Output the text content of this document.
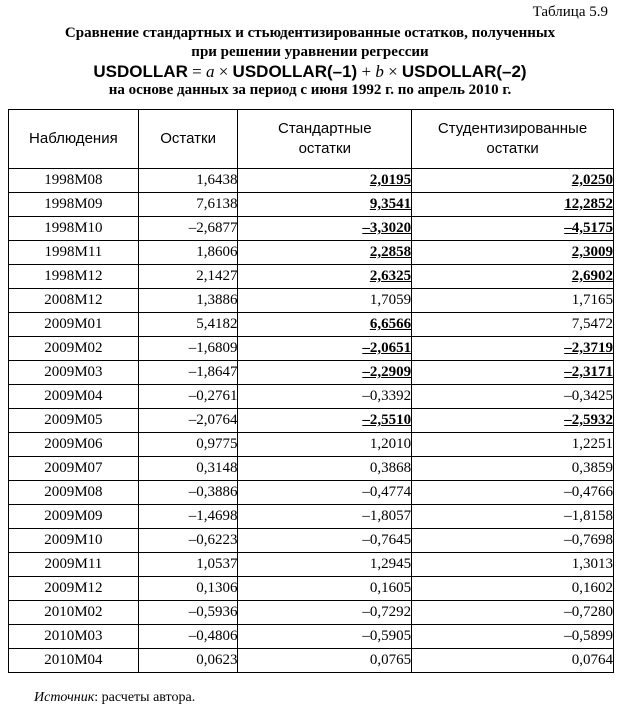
Таблица 5.9
Сравнение стандартных и стьюдентизированные остатков, полученных
при решении уравнении регрессии
USDOLLAR = a × USDOLLAR(–1) + b × USDOLLAR(–2)
на основе данных за период с июня 1992 г. по апрель 2010 г.
Наблюдения	Остатки	Стандартные остатки	Студентизированные остатки
1998M08	1,6438	2,0195	2,0250
1998M09	7,6138	9,3541	12,2852
1998M10	–2,6877	–3,3020	–4,5175
1998M11	1,8606	2,2858	2,3009
1998M12	2,1427	2,6325	2,6902
2008M12	1,3886	1,7059	1,7165
2009M01	5,4182	6,6566	7,5472
2009M02	–1,6809	–2,0651	–2,3719
2009M03	–1,8647	–2,2909	–2,3171
2009M04	–0,2761	–0,3392	–0,3425
2009M05	–2,0764	–2,5510	–2,5932
2009M06	0,9775	1,2010	1,2251
2009M07	0,3148	0,3868	0,3859
2009M08	–0,3886	–0,4774	–0,4766
2009M09	–1,4698	–1,8057	–1,8158
2009M10	–0,6223	–0,7645	–0,7698
2009M11	1,0537	1,2945	1,3013
2009M12	0,1306	0,1605	0,1602
2010M02	–0,5936	–0,7292	–0,7280
2010M03	–0,4806	–0,5905	–0,5899
2010M04	0,0623	0,0765	0,0764
Источник: расчеты автора.
